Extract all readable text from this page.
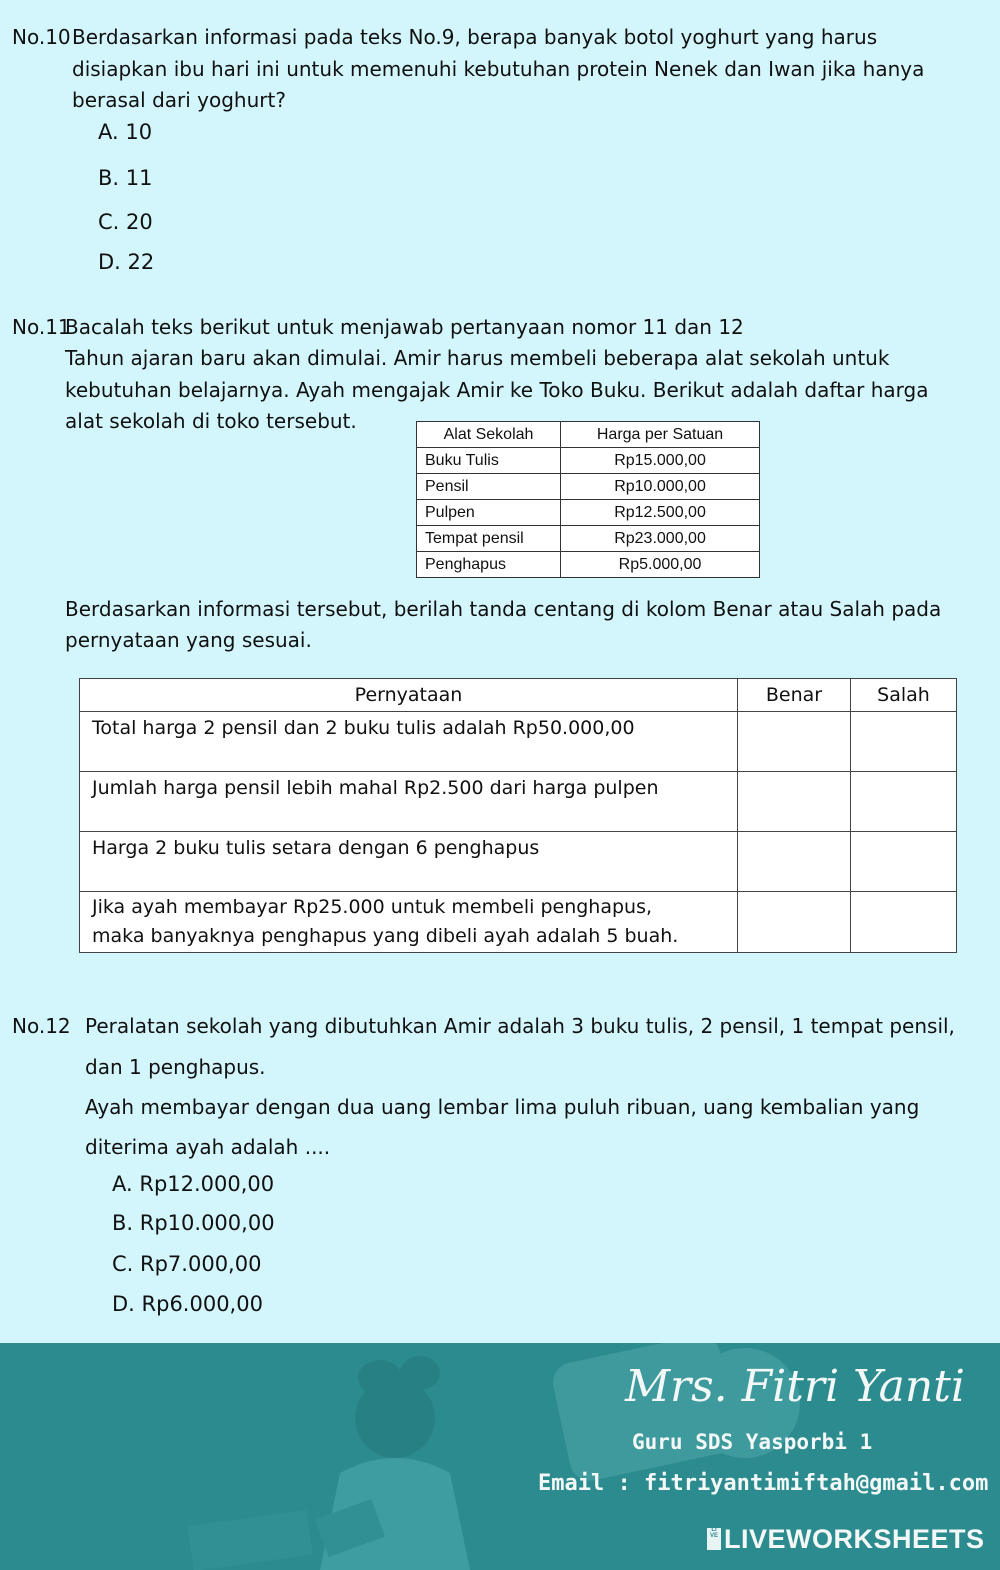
No.10 Berdasarkan informasi pada teks No.9, berapa banyak botol yoghurt yang harus
disiapkan ibu hari ini untuk memenuhi kebutuhan protein Nenek dan Iwan jika hanya
berasal dari yoghurt?
A. 10
B. 11
C. 20
D. 22
No.11
Bacalah teks berikut untuk menjawab pertanyaan nomor 11 dan 12
Tahun ajaran baru akan dimulai. Amir harus membeli beberapa alat sekolah untuk
kebutuhan belajarnya. Ayah mengajak Amir ke Toko Buku. Berikut adalah daftar harga
alat sekolah di toko tersebut.
Alat Sekolah	Harga per Satuan
Buku Tulis	Rp15.000,00
Pensil	Rp10.000,00
Pulpen	Rp12.500,00
Tempat pensil	Rp23.000,00
Penghapus	Rp5.000,00
Berdasarkan informasi tersebut, berilah tanda centang di kolom Benar atau Salah pada
pernyataan yang sesuai.
Pernyataan	Benar	Salah
Total harga 2 pensil dan 2 buku tulis adalah Rp50.000,00		
Jumlah harga pensil lebih mahal Rp2.500 dari harga pulpen		
Harga 2 buku tulis setara dengan 6 penghapus		

Jika ayah membayar Rp25.000 untuk membeli penghapus,
maka banyaknya penghapus yang dibeli ayah adalah 5 buah.		

No.12 Peralatan sekolah yang dibutuhkan Amir adalah 3 buku tulis, 2 pensil, 1 tempat pensil,
dan 1 penghapus.
Ayah membayar dengan dua uang lembar lima puluh ribuan, uang kembalian yang
diterima ayah adalah ....
A. Rp12.000,00
B. Rp10.000,00
C. Rp7.000,00
D. Rp6.000,00
Mrs. Fitri Yanti
Guru SDS Yasporbi 1
Email : fitriyantimiftah@gmail.com
LIVE LIVEWORKSHEETS
